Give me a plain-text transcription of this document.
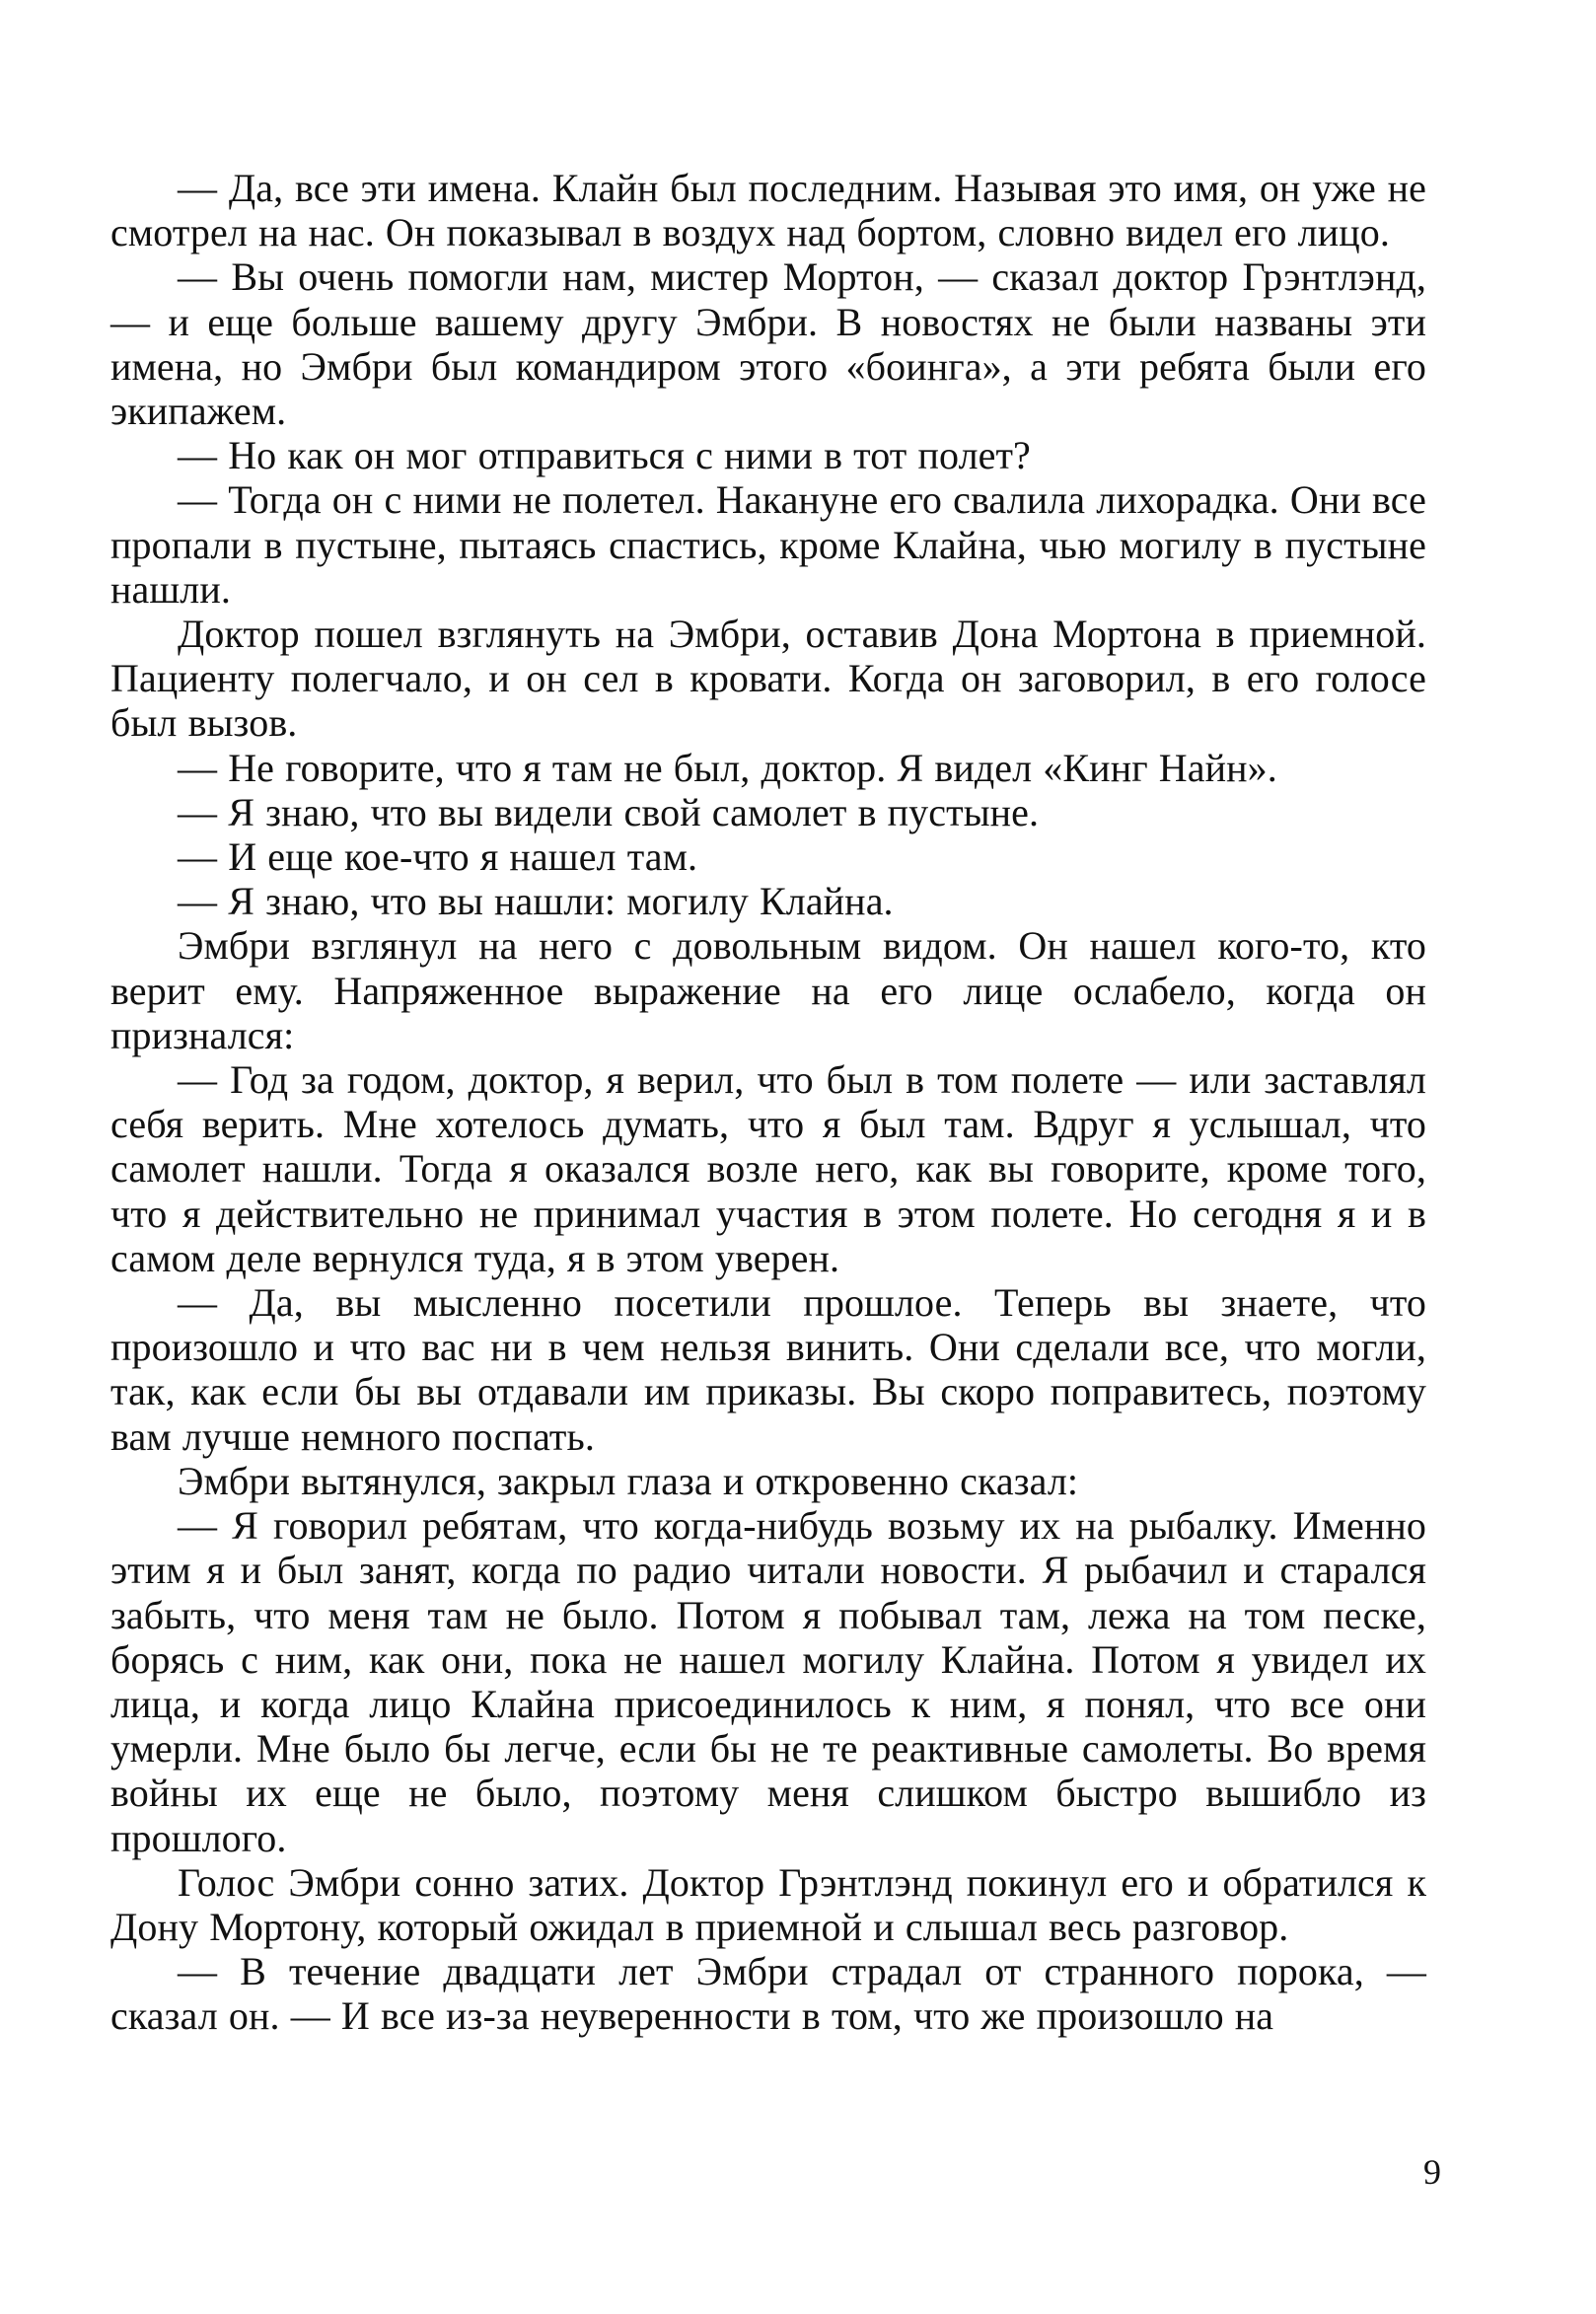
— Да, все эти имена. Клайн был последним. Называя это имя, он уже не смотрел на нас. Он показывал в воздух над бортом, словно видел его лицо.

— Вы очень помогли нам, мистер Мортон, — сказал доктор Грэнтлэнд, — и еще больше вашему другу Эмбри. В новостях не были названы эти имена, но Эмбри был командиром этого «боинга», а эти ребята были его экипажем.

— Но как он мог отправиться с ними в тот полет?

— Тогда он с ними не полетел. Накануне его свалила лихорадка. Они все пропали в пустыне, пытаясь спастись, кроме Клайна, чью могилу в пустыне нашли.

Доктор пошел взглянуть на Эмбри, оставив Дона Мортона в приемной. Пациенту полегчало, и он сел в кровати. Когда он заговорил, в его голосе был вызов.

— Не говорите, что я там не был, доктор. Я видел «Кинг Найн».

— Я знаю, что вы видели свой самолет в пустыне.

— И еще кое-что я нашел там.

— Я знаю, что вы нашли: могилу Клайна.

Эмбри взглянул на него с довольным видом. Он нашел кого-то, кто верит ему. Напряженное выражение на его лице ослабело, когда он признался:

— Год за годом, доктор, я верил, что был в том полете — или заставлял себя верить. Мне хотелось думать, что я был там. Вдруг я услышал, что самолет нашли. Тогда я оказался возле него, как вы говорите, кроме того, что я действительно не принимал участия в этом полете. Но сегодня я и в самом деле вернулся туда, я в этом уверен.

— Да, вы мысленно посетили прошлое. Теперь вы знаете, что произошло и что вас ни в чем нельзя винить. Они сделали все, что могли, так, как если бы вы отдавали им приказы. Вы скоро поправитесь, поэтому вам лучше немного поспать.

Эмбри вытянулся, закрыл глаза и откровенно сказал:

— Я говорил ребятам, что когда-нибудь возьму их на рыбалку. Именно этим я и был занят, когда по радио читали новости. Я рыбачил и старался забыть, что меня там не было. Потом я побывал там, лежа на том песке, борясь с ним, как они, пока не нашел могилу Клайна. Потом я увидел их лица, и когда лицо Клайна присоединилось к ним, я понял, что все они умерли. Мне было бы легче, если бы не те реактивные самолеты. Во время войны их еще не было, поэтому меня слишком быстро вышибло из прошлого.

Голос Эмбри сонно затих. Доктор Грэнтлэнд покинул его и обратился к Дону Мортону, который ожидал в приемной и слышал весь разговор.

— В течение двадцати лет Эмбри страдал от странного порока, — сказал он. — И все из-за неуверенности в том, что же произошло на

9
